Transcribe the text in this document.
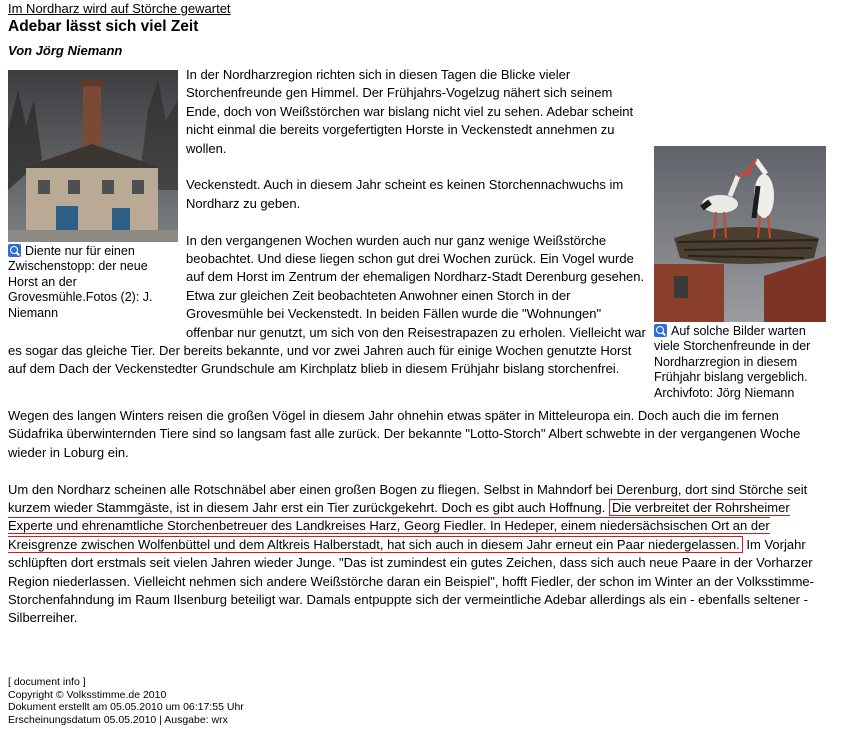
Im Nordharz wird auf Störche gewartet
Adebar lässt sich viel Zeit
Von Jörg Niemann
Diente nur für einen Zwischenstopp: der neue Horst an der Grovesmühle.Fotos (2): J. Niemann
Auf solche Bilder warten viele Storchenfreunde in der Nordharzregion in diesem Frühjahr bislang vergeblich. Archivfoto: Jörg Niemann

In der Nordharzregion richten sich in diesen Tagen die Blicke vieler Storchenfreunde gen Himmel. Der Frühjahrs-Vogelzug nähert sich seinem Ende, doch von Weißstörchen war bislang nicht viel zu sehen. Adebar scheint nicht einmal die bereits vorgefertigten Horste in Veckenstedt annehmen zu wollen.

Veckenstedt. Auch in diesem Jahr scheint es keinen Storchennachwuchs im Nordharz zu geben.

In den vergangenen Wochen wurden auch nur ganz wenige Weißstörche beobachtet. Und diese liegen schon gut drei Wochen zurück. Ein Vogel wurde auf dem Horst im Zentrum der ehemaligen Nordharz-Stadt Derenburg gesehen. Etwa zur gleichen Zeit beobachteten Anwohner einen Storch in der Grovesmühle bei Veckenstedt. In beiden Fällen wurde die "Wohnungen" offenbar nur genutzt, um sich von den Reisestrapazen zu erholen. Vielleicht war es sogar das gleiche Tier. Der bereits bekannte, und vor zwei Jahren auch für einige Wochen genutzte Horst auf dem Dach der Veckenstedter Grundschule am Kirchplatz blieb in diesem Frühjahr bislang storchenfrei.

Wegen des langen Winters reisen die großen Vögel in diesem Jahr ohnehin etwas später in Mitteleuropa ein. Doch auch die im fernen Südafrika überwinternden Tiere sind so langsam fast alle zurück. Der bekannte "Lotto-Storch" Albert schwebte in der vergangenen Woche wieder in Loburg ein.

Um den Nordharz scheinen alle Rotschnäbel aber einen großen Bogen zu fliegen. Selbst in Mahndorf bei Derenburg, dort sind Störche seit kurzem wieder Stammgäste, ist in diesem Jahr erst ein Tier zurückgekehrt. Doch es gibt auch Hoffnung. Die verbreitet der Rohrsheimer Experte und ehrenamtliche Storchenbetreuer des Landkreises Harz, Georg Fiedler. In Hedeper, einem niedersächsischen Ort an der Kreisgrenze zwischen Wolfenbüttel und dem Altkreis Halberstadt, hat sich auch in diesem Jahr erneut ein Paar niedergelassen. Im Vorjahr schlüpften dort erstmals seit vielen Jahren wieder Junge. "Das ist zumindest ein gutes Zeichen, dass sich auch neue Paare in der Vorharzer Region niederlassen. Vielleicht nehmen sich andere Weißstörche daran ein Beispiel", hofft Fiedler, der schon im Winter an der Volksstimme-Storchenfahndung im Raum Ilsenburg beteiligt war. Damals entpuppte sich der vermeintliche Adebar allerdings als ein - ebenfalls seltener - Silberreiher.

[ document info ]
Copyright © Volksstimme.de 2010
Dokument erstellt am 05.05.2010 um 06:17:55 Uhr
Erscheinungsdatum 05.05.2010 | Ausgabe: wrx
